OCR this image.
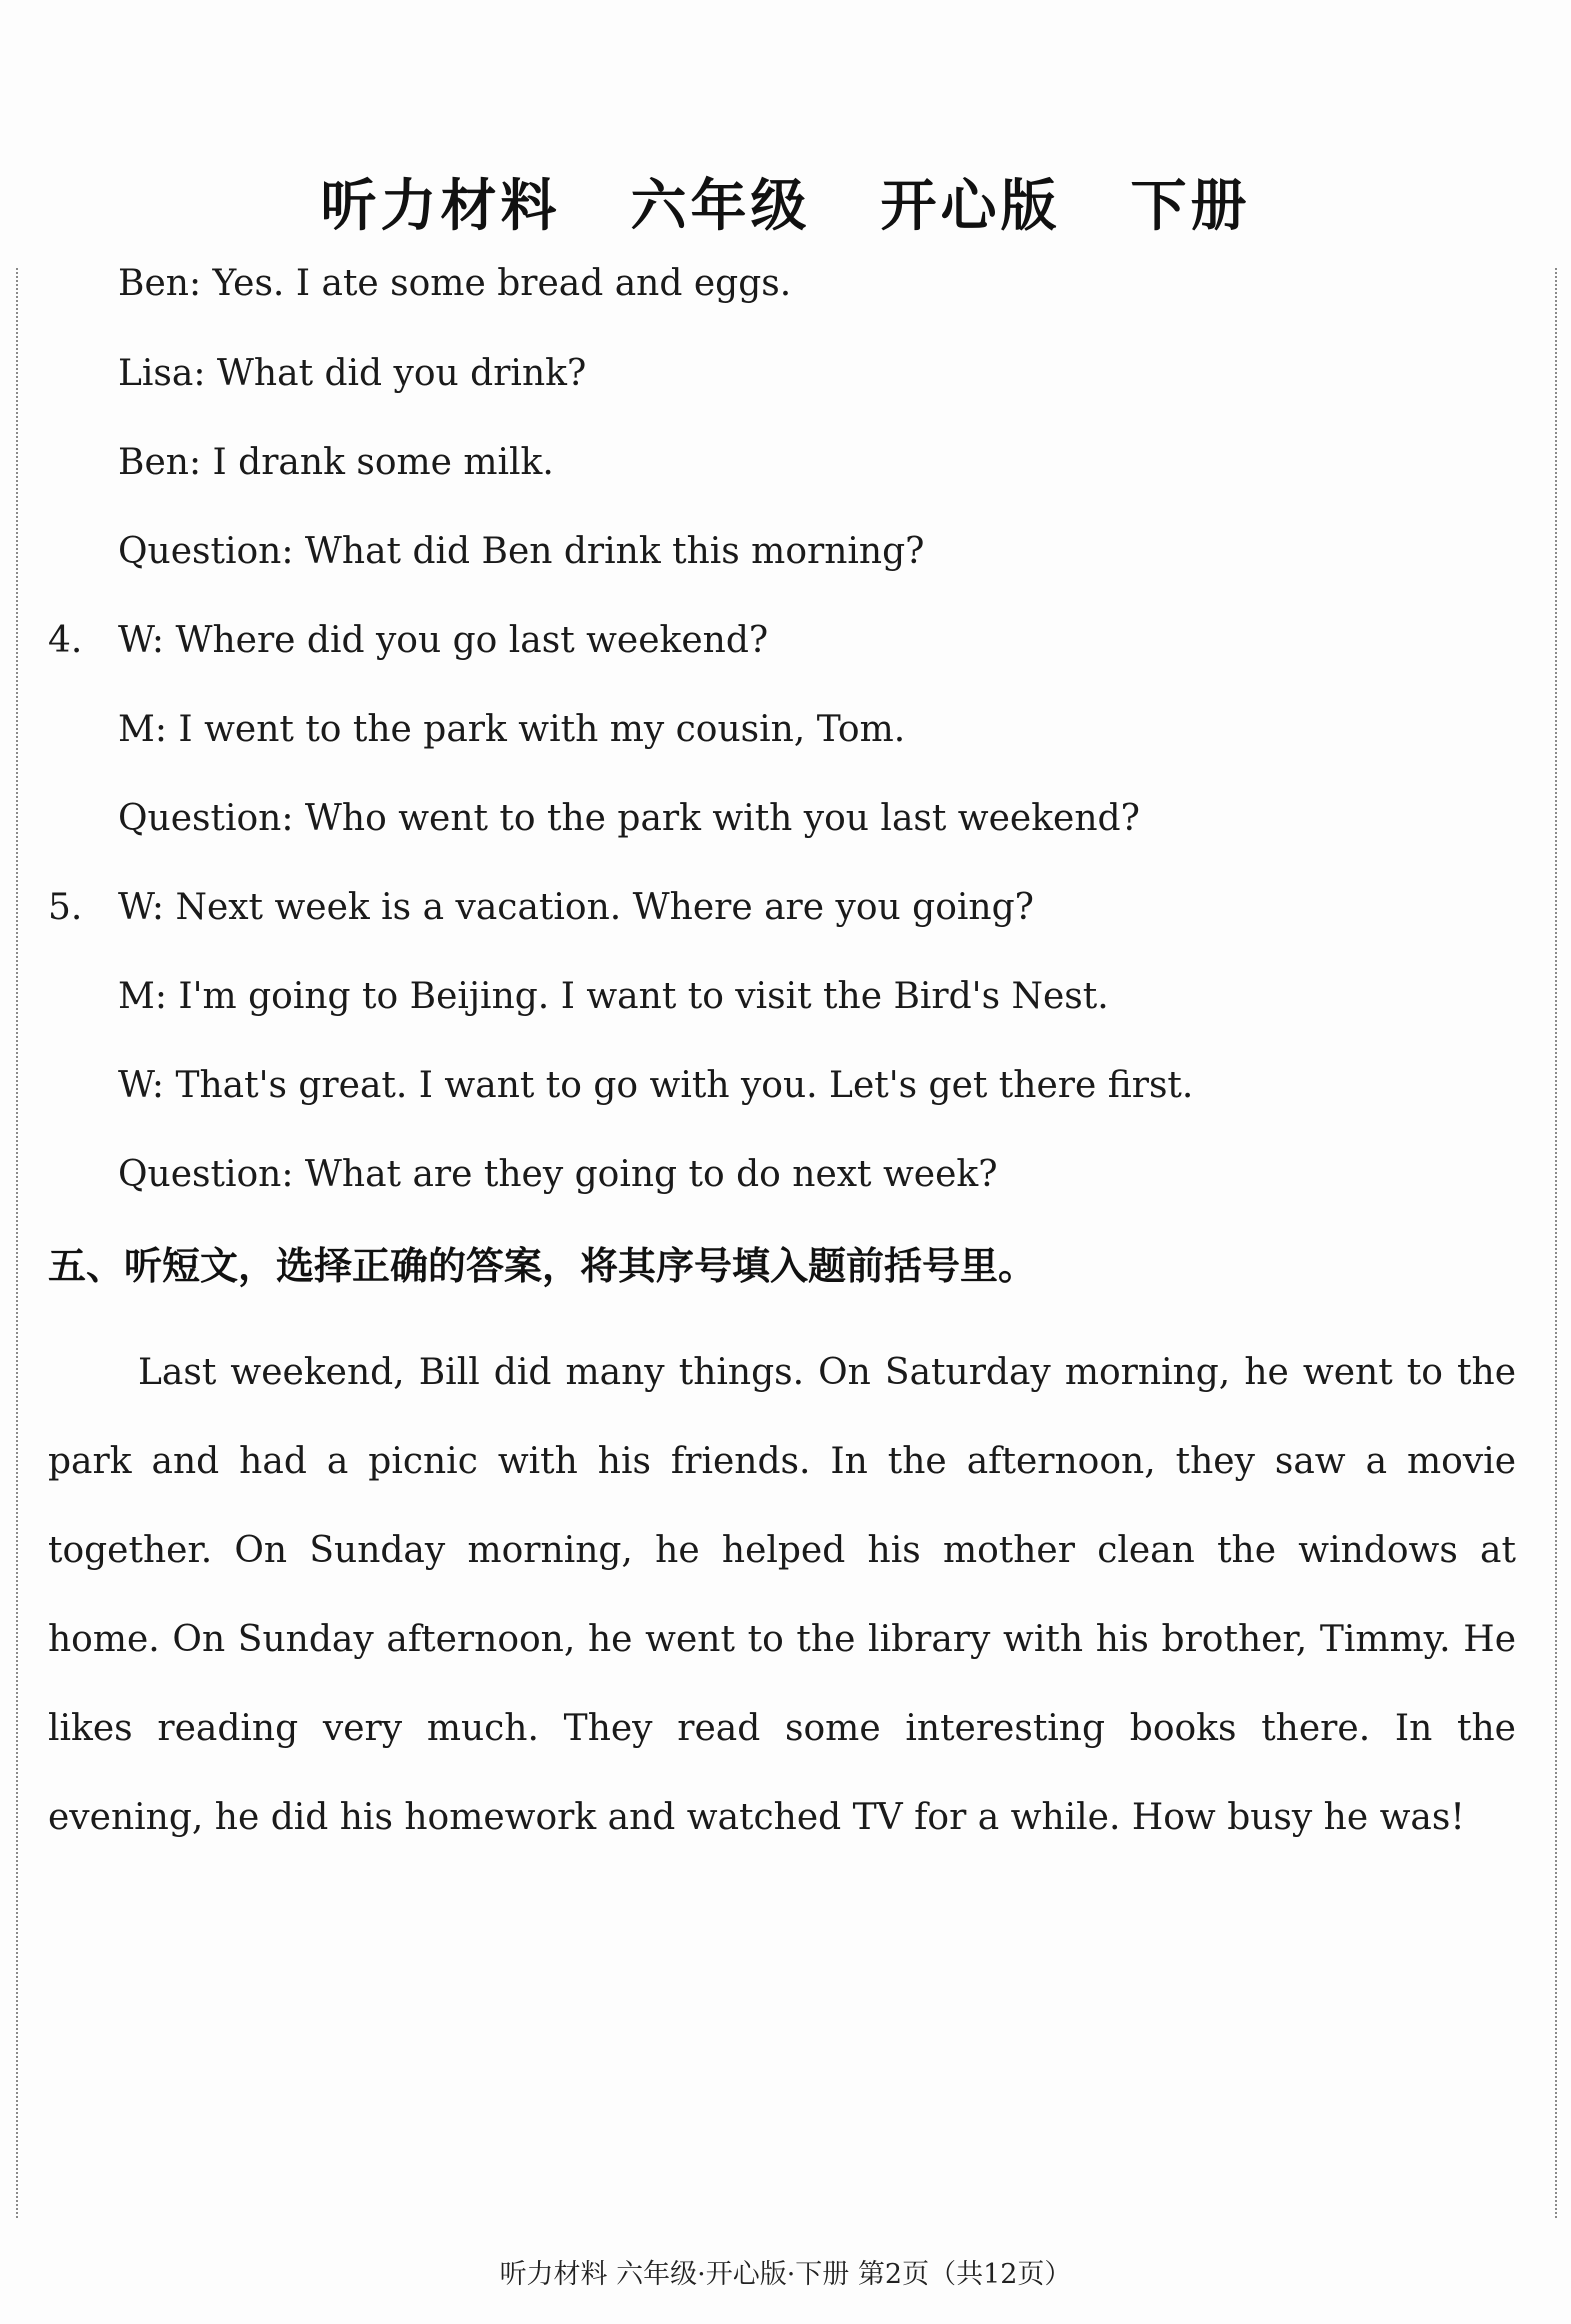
听力材料 六年级 开心版 下册
Ben: Yes. I ate some bread and eggs.
Lisa: What did you drink?
Ben: I drank some milk.
Question: What did Ben drink this morning?
4. W: Where did you go last weekend?
M: I went to the park with my cousin, Tom.
Question: Who went to the park with you last weekend?
5. W: Next week is a vacation. Where are you going?
M: I'm going to Beijing. I want to visit the Bird's Nest.
W: That's great. I want to go with you. Let's get there first.
Question: What are they going to do next week?
五、听短文，选择正确的答案，将其序号填入题前括号里。
Last weekend, Bill did many things. On Saturday morning, he went to the park and had a picnic with his friends. In the afternoon, they saw a movie together. On Sunday morning, he helped his mother clean the windows at home. On Sunday afternoon, he went to the library with his brother, Timmy. He likes reading very much. They read some interesting books there. In the evening, he did his homework and watched TV for a while. How busy he was!
听力材料 六年级·开心版·下册 第2页（共12页）
